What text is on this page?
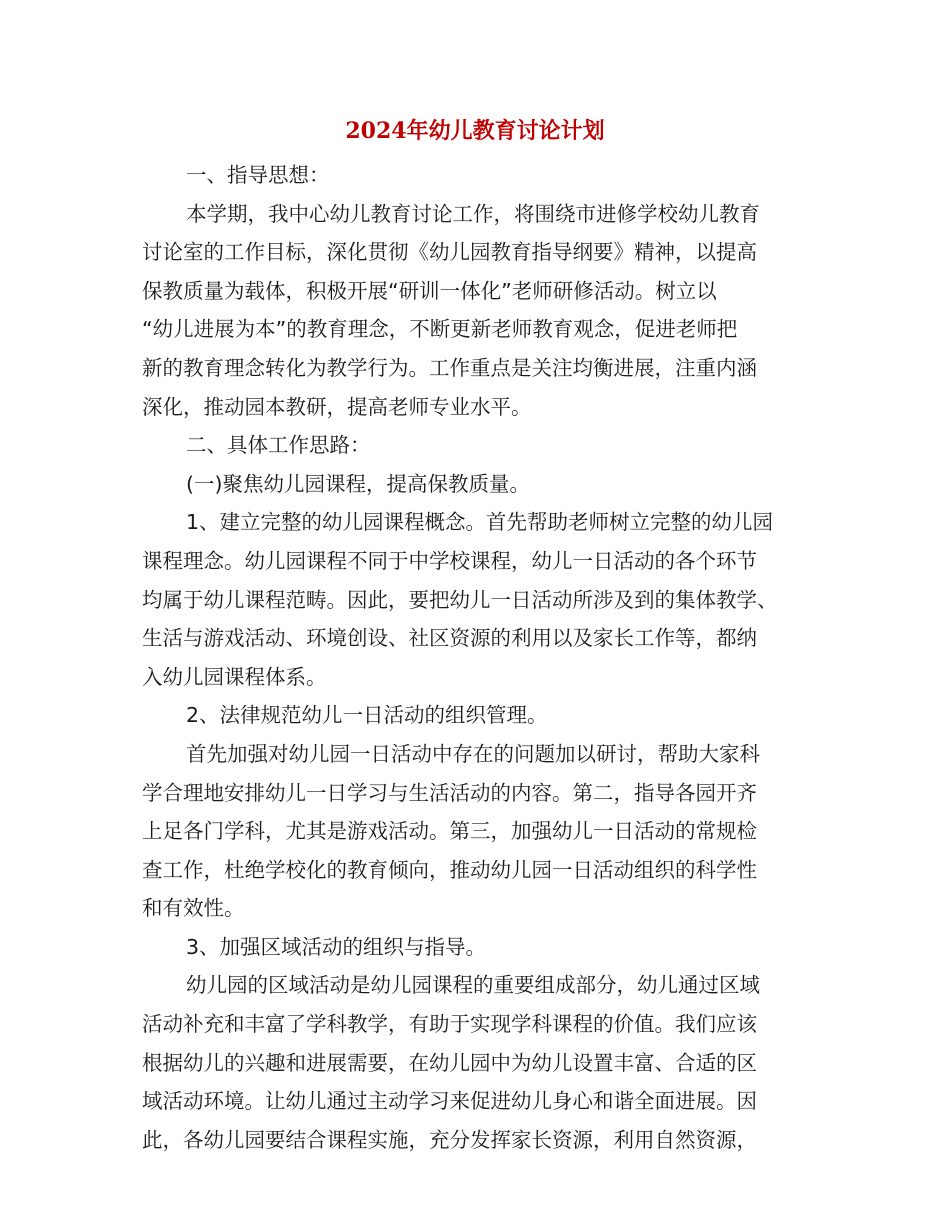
2024年幼儿教育讨论计划
一、指导思想：
本学期，我中心幼儿教育讨论工作，将围绕市进修学校幼儿教育
讨论室的工作目标，深化贯彻《幼儿园教育指导纲要》精神，以提高
保教质量为载体，积极开展“研训一体化”老师研修活动。树立以
“幼儿进展为本”的教育理念，不断更新老师教育观念，促进老师把
新的教育理念转化为教学行为。工作重点是关注均衡进展，注重内涵
深化，推动园本教研，提高老师专业水平。
二、具体工作思路：
(一)聚焦幼儿园课程，提高保教质量。
1、建立完整的幼儿园课程概念。首先帮助老师树立完整的幼儿园
课程理念。幼儿园课程不同于中学校课程，幼儿一日活动的各个环节
均属于幼儿课程范畴。因此，要把幼儿一日活动所涉及到的集体教学、
生活与游戏活动、环境创设、社区资源的利用以及家长工作等，都纳
入幼儿园课程体系。
2、法律规范幼儿一日活动的组织管理。
首先加强对幼儿园一日活动中存在的问题加以研讨，帮助大家科
学合理地安排幼儿一日学习与生活活动的内容。第二，指导各园开齐
上足各门学科，尤其是游戏活动。第三，加强幼儿一日活动的常规检
查工作，杜绝学校化的教育倾向，推动幼儿园一日活动组织的科学性
和有效性。
3、加强区域活动的组织与指导。
幼儿园的区域活动是幼儿园课程的重要组成部分，幼儿通过区域
活动补充和丰富了学科教学，有助于实现学科课程的价值。我们应该
根据幼儿的兴趣和进展需要，在幼儿园中为幼儿设置丰富、合适的区
域活动环境。让幼儿通过主动学习来促进幼儿身心和谐全面进展。因
此，各幼儿园要结合课程实施，充分发挥家长资源，利用自然资源，
